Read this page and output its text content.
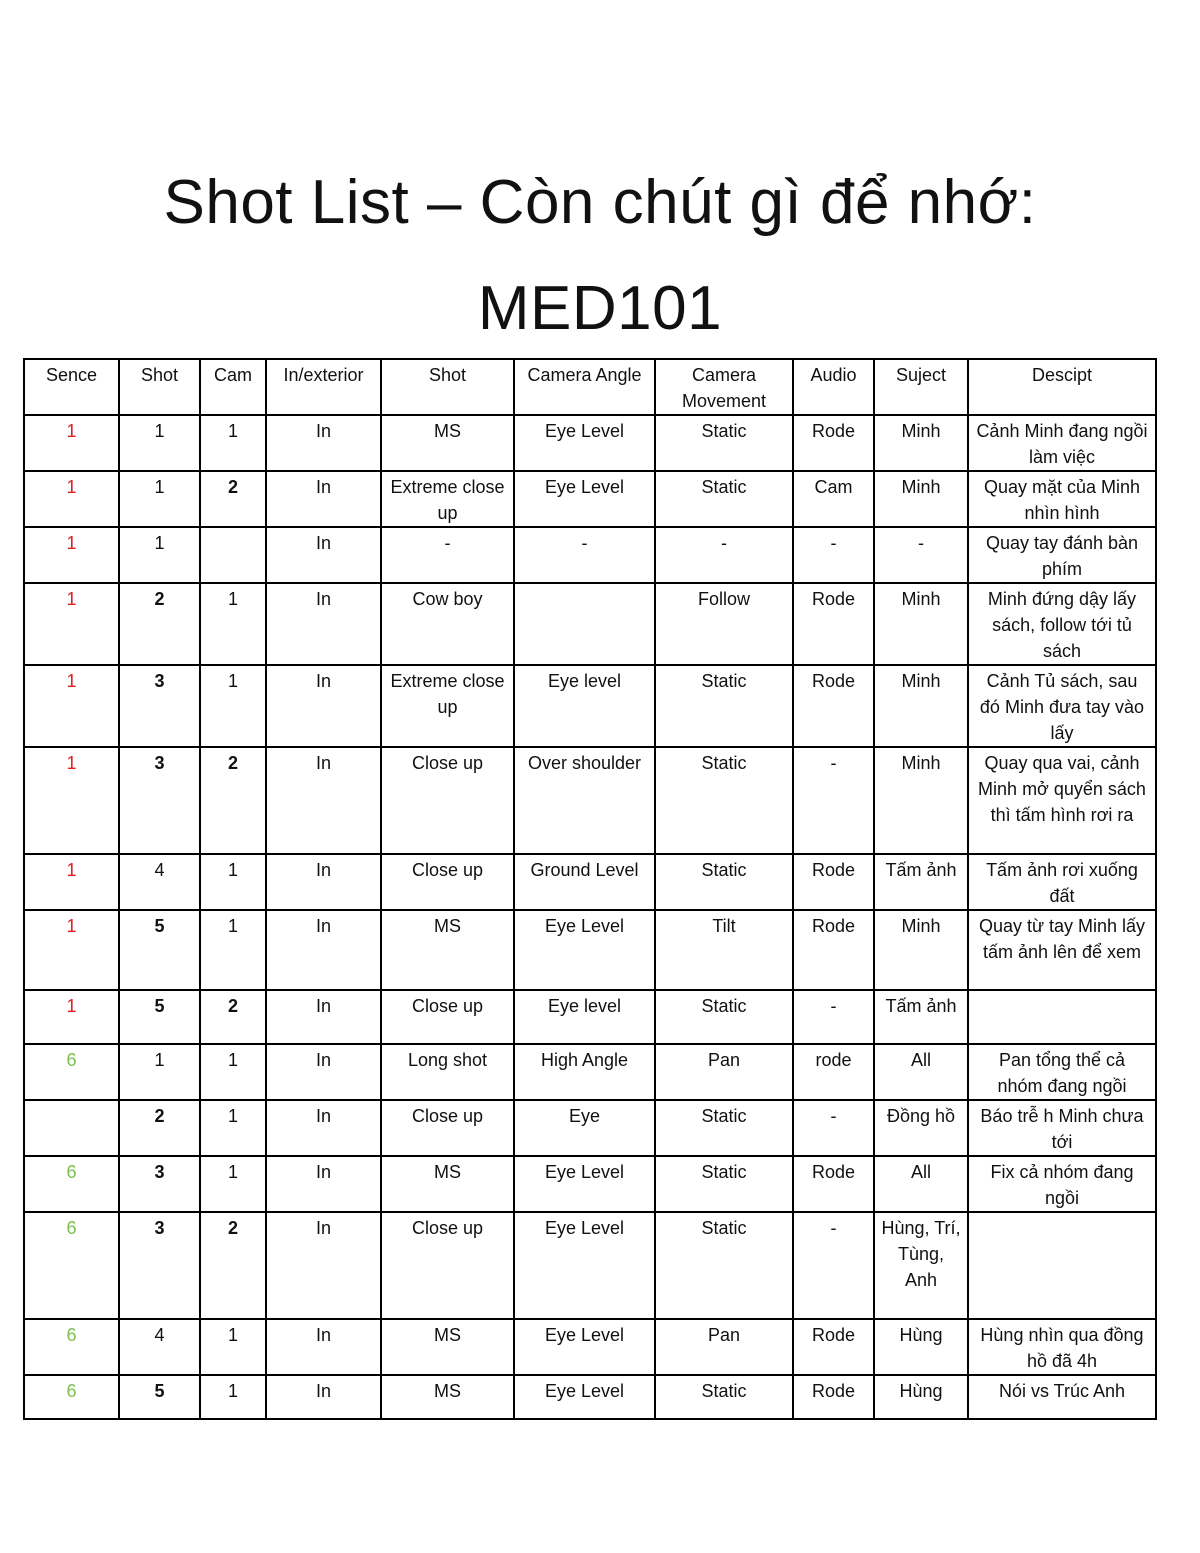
Shot List – Còn chút gì để nhớ:
MED101
Sence	Shot	Cam	In/exterior	Shot	Camera Angle	Camera Movement	Audio	Suject	Descipt
1	1	1	In	MS	Eye Level	Static	Rode	Minh	Cảnh Minh đang ngồi làm việc
1	1	2	In	Extreme close up	Eye Level	Static	Cam	Minh	Quay mặt của Minh nhìn hình
1	1		In	-	-	-	-	-	Quay tay đánh bàn phím
1	2	1	In	Cow boy		Follow	Rode	Minh	Minh đứng dậy lấy sách, follow tới tủ sách
1	3	1	In	Extreme close up	Eye level	Static	Rode	Minh	Cảnh Tủ sách, sau đó Minh đưa tay vào lấy
1	3	2	In	Close up	Over shoulder	Static	-	Minh	Quay qua vai, cảnh Minh mở quyển sách thì tấm hình rơi ra
1	4	1	In	Close up	Ground Level	Static	Rode	Tấm ảnh	Tấm ảnh rơi xuống đất
1	5	1	In	MS	Eye Level	Tilt	Rode	Minh	Quay từ tay Minh lấy tấm ảnh lên để xem
1	5	2	In	Close up	Eye level	Static	-	Tấm ảnh	
6	1	1	In	Long shot	High Angle	Pan	rode	All	Pan tổng thể cả nhóm đang ngồi
	2	1	In	Close up	Eye	Static	-	Đồng hồ	Báo trễ h Minh chưa tới
6	3	1	In	MS	Eye Level	Static	Rode	All	Fix cả nhóm đang ngồi
6	3	2	In	Close up	Eye Level	Static	-	Hùng, Trí, Tùng, Anh	
6	4	1	In	MS	Eye Level	Pan	Rode	Hùng	Hùng nhìn qua đồng hồ đã 4h
6	5	1	In	MS	Eye Level	Static	Rode	Hùng	Nói vs Trúc Anh
